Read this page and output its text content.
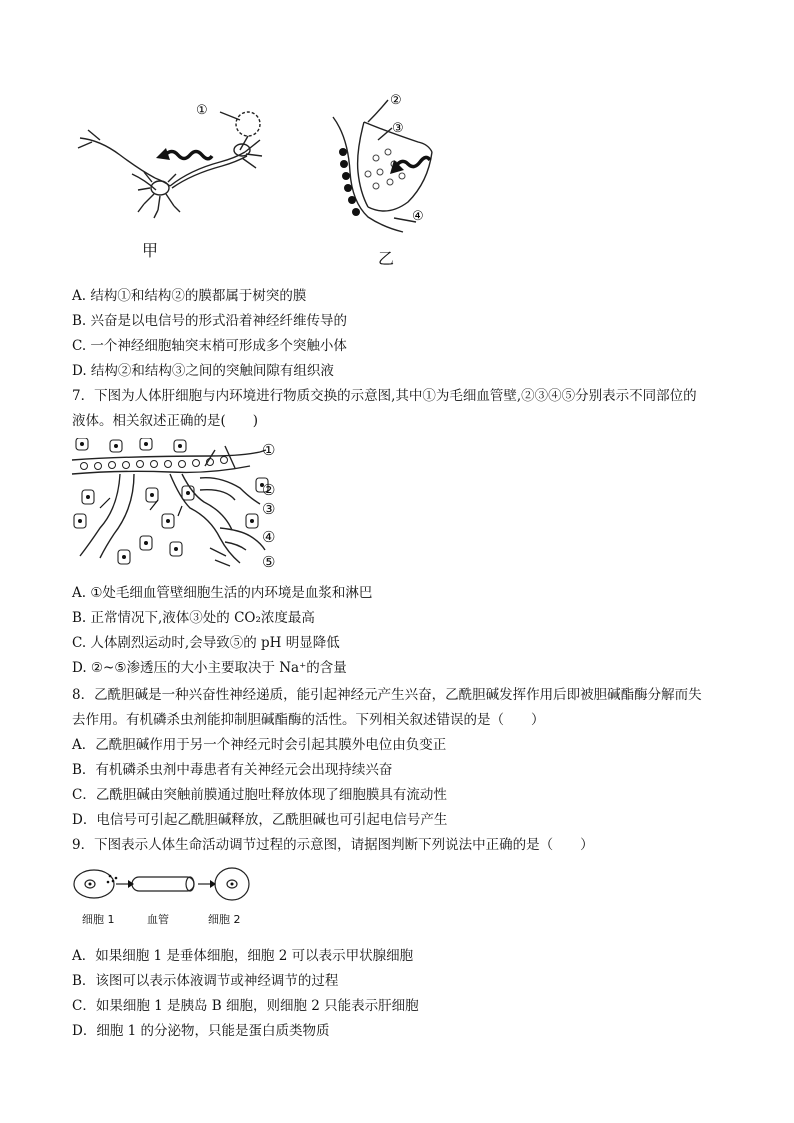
①
甲
②
③
④
乙
A. 结构①和结构②的膜都属于树突的膜
B. 兴奋是以电信号的形式沿着神经纤维传导的
C. 一个神经细胞轴突末梢可形成多个突触小体
D. 结构②和结构③之间的突触间隙有组织液
7．下图为人体肝细胞与内环境进行物质交换的示意图,其中①为毛细血管壁,②③④⑤分别表示不同部位的
液体。相关叙述正确的是(　　)
①
②
③
④
⑤
A. ①处毛细血管壁细胞生活的内环境是血浆和淋巴
B. 正常情况下,液体③处的 CO₂浓度最高
C. 人体剧烈运动时,会导致⑤的 pH 明显降低
D. ②~⑤渗透压的大小主要取决于 Na⁺的含量
8．乙酰胆碱是一种兴奋性神经递质，能引起神经元产生兴奋，乙酰胆碱发挥作用后即被胆碱酯酶分解而失
去作用。有机磷杀虫剂能抑制胆碱酯酶的活性。下列相关叙述错误的是（　　）
A．乙酰胆碱作用于另一个神经元时会引起其膜外电位由负变正
B．有机磷杀虫剂中毒患者有关神经元会出现持续兴奋
C．乙酰胆碱由突触前膜通过胞吐释放体现了细胞膜具有流动性
D．电信号可引起乙酰胆碱释放，乙酰胆碱也可引起电信号产生
9．下图表示人体生命活动调节过程的示意图，请据图判断下列说法中正确的是（　　）
细胞 1	血管	细胞 2
A．如果细胞 1 是垂体细胞，细胞 2 可以表示甲状腺细胞
B．该图可以表示体液调节或神经调节的过程
C．如果细胞 1 是胰岛 B 细胞，则细胞 2 只能表示肝细胞
D．细胞 1 的分泌物，只能是蛋白质类物质
